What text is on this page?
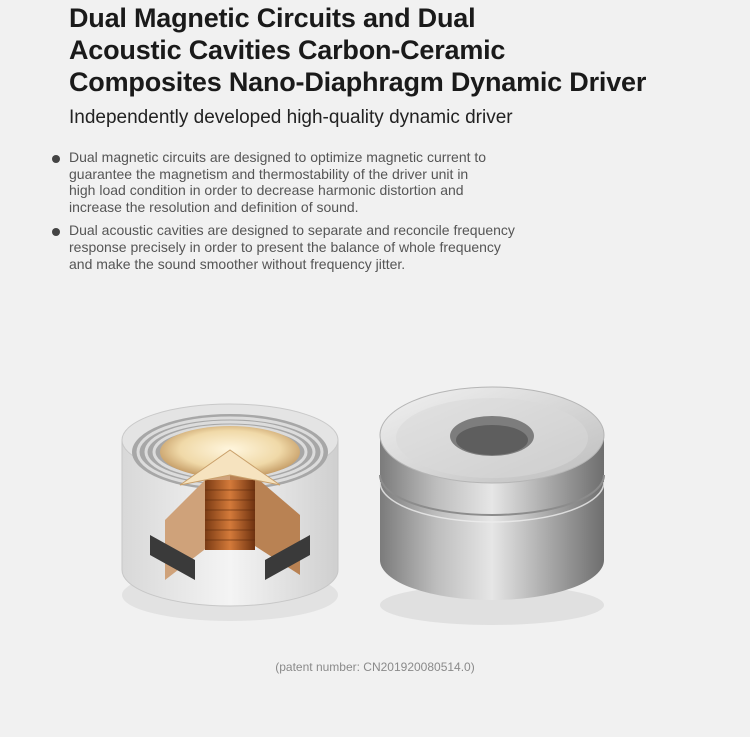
Dual Magnetic Circuits and Dual
Acoustic Cavities Carbon-Ceramic
Composites Nano-Diaphragm Dynamic Driver
Independently developed high-quality dynamic driver
Dual magnetic circuits are designed to optimize magnetic current to
guarantee the magnetism and thermostability of the driver unit in
high load condition in order to decrease harmonic distortion and
increase the resolution and definition of sound.
Dual acoustic cavities are designed to separate and reconcile frequency
response precisely in order to present the balance of whole frequency
and make the sound smoother without frequency jitter.
(patent number: CN201920080514.0)
